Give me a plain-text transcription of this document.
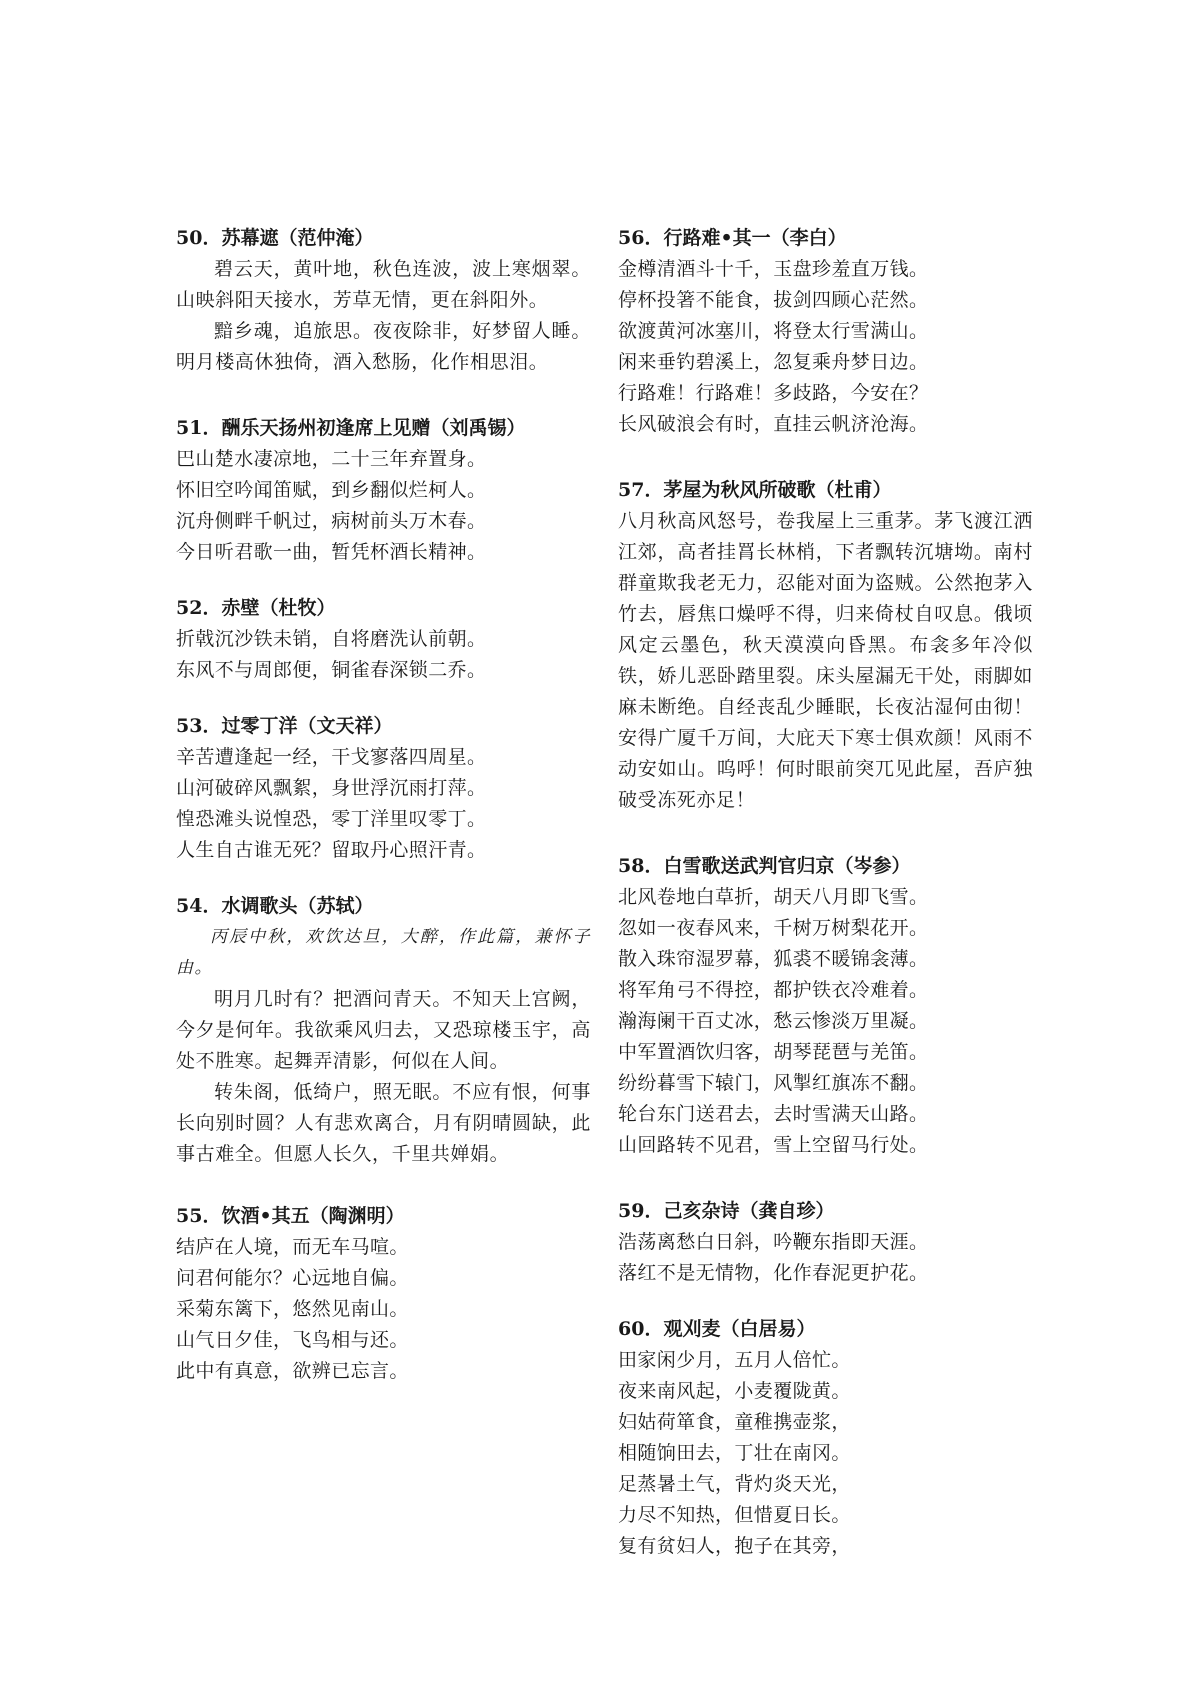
50．苏幕遮（范仲淹）
碧云天，黄叶地，秋色连波，波上寒烟翠。山映斜阳天接水，芳草无情，更在斜阳外。
黯乡魂，追旅思。夜夜除非，好梦留人睡。明月楼高休独倚，酒入愁肠，化作相思泪。
51．酬乐天扬州初逢席上见赠（刘禹锡）
巴山楚水凄凉地，二十三年弃置身。
怀旧空吟闻笛赋，到乡翻似烂柯人。
沉舟侧畔千帆过，病树前头万木春。
今日听君歌一曲，暂凭杯酒长精神。
52．赤壁（杜牧）
折戟沉沙铁未销，自将磨洗认前朝。
东风不与周郎便，铜雀春深锁二乔。
53．过零丁洋（文天祥）
辛苦遭逢起一经，干戈寥落四周星。
山河破碎风飘絮，身世浮沉雨打萍。
惶恐滩头说惶恐，零丁洋里叹零丁。
人生自古谁无死？留取丹心照汗青。
54．水调歌头（苏轼）
丙辰中秋，欢饮达旦，大醉，作此篇，兼怀子由。
明月几时有？把酒问青天。不知天上宫阙，今夕是何年。我欲乘风归去，又恐琼楼玉宇，高处不胜寒。起舞弄清影，何似在人间。
转朱阁，低绮户，照无眠。不应有恨，何事长向别时圆？人有悲欢离合，月有阴晴圆缺，此事古难全。但愿人长久，千里共婵娟。
55．饮酒•其五（陶渊明）
结庐在人境，而无车马喧。
问君何能尔？心远地自偏。
采菊东篱下，悠然见南山。
山气日夕佳，飞鸟相与还。
此中有真意，欲辨已忘言。
56．行路难•其一（李白）
金樽清酒斗十千，玉盘珍羞直万钱。
停杯投箸不能食，拔剑四顾心茫然。
欲渡黄河冰塞川，将登太行雪满山。
闲来垂钓碧溪上，忽复乘舟梦日边。
行路难！行路难！多歧路，今安在？
长风破浪会有时，直挂云帆济沧海。
57．茅屋为秋风所破歌（杜甫）
八月秋高风怒号，卷我屋上三重茅。茅飞渡江洒江郊，高者挂罥长林梢，下者飘转沉塘坳。南村群童欺我老无力，忍能对面为盗贼。公然抱茅入竹去，唇焦口燥呼不得，归来倚杖自叹息。俄顷风定云墨色，秋天漠漠向昏黑。布衾多年冷似铁，娇儿恶卧踏里裂。床头屋漏无干处，雨脚如麻未断绝。自经丧乱少睡眠，长夜沾湿何由彻！安得广厦千万间，大庇天下寒士俱欢颜！风雨不动安如山。呜呼！何时眼前突兀见此屋，吾庐独破受冻死亦足！
58．白雪歌送武判官归京（岑参）
北风卷地白草折，胡天八月即飞雪。
忽如一夜春风来，千树万树梨花开。
散入珠帘湿罗幕，狐裘不暖锦衾薄。
将军角弓不得控，都护铁衣冷难着。
瀚海阑干百丈冰，愁云惨淡万里凝。
中军置酒饮归客，胡琴琵琶与羌笛。
纷纷暮雪下辕门，风掣红旗冻不翻。
轮台东门送君去，去时雪满天山路。
山回路转不见君，雪上空留马行处。
59．己亥杂诗（龚自珍）
浩荡离愁白日斜，吟鞭东指即天涯。
落红不是无情物，化作春泥更护花。
60．观刈麦（白居易）
田家闲少月，五月人倍忙。
夜来南风起，小麦覆陇黄。
妇姑荷箪食，童稚携壶浆，
相随饷田去，丁壮在南冈。
足蒸暑土气，背灼炎天光，
力尽不知热，但惜夏日长。
复有贫妇人，抱子在其旁，
